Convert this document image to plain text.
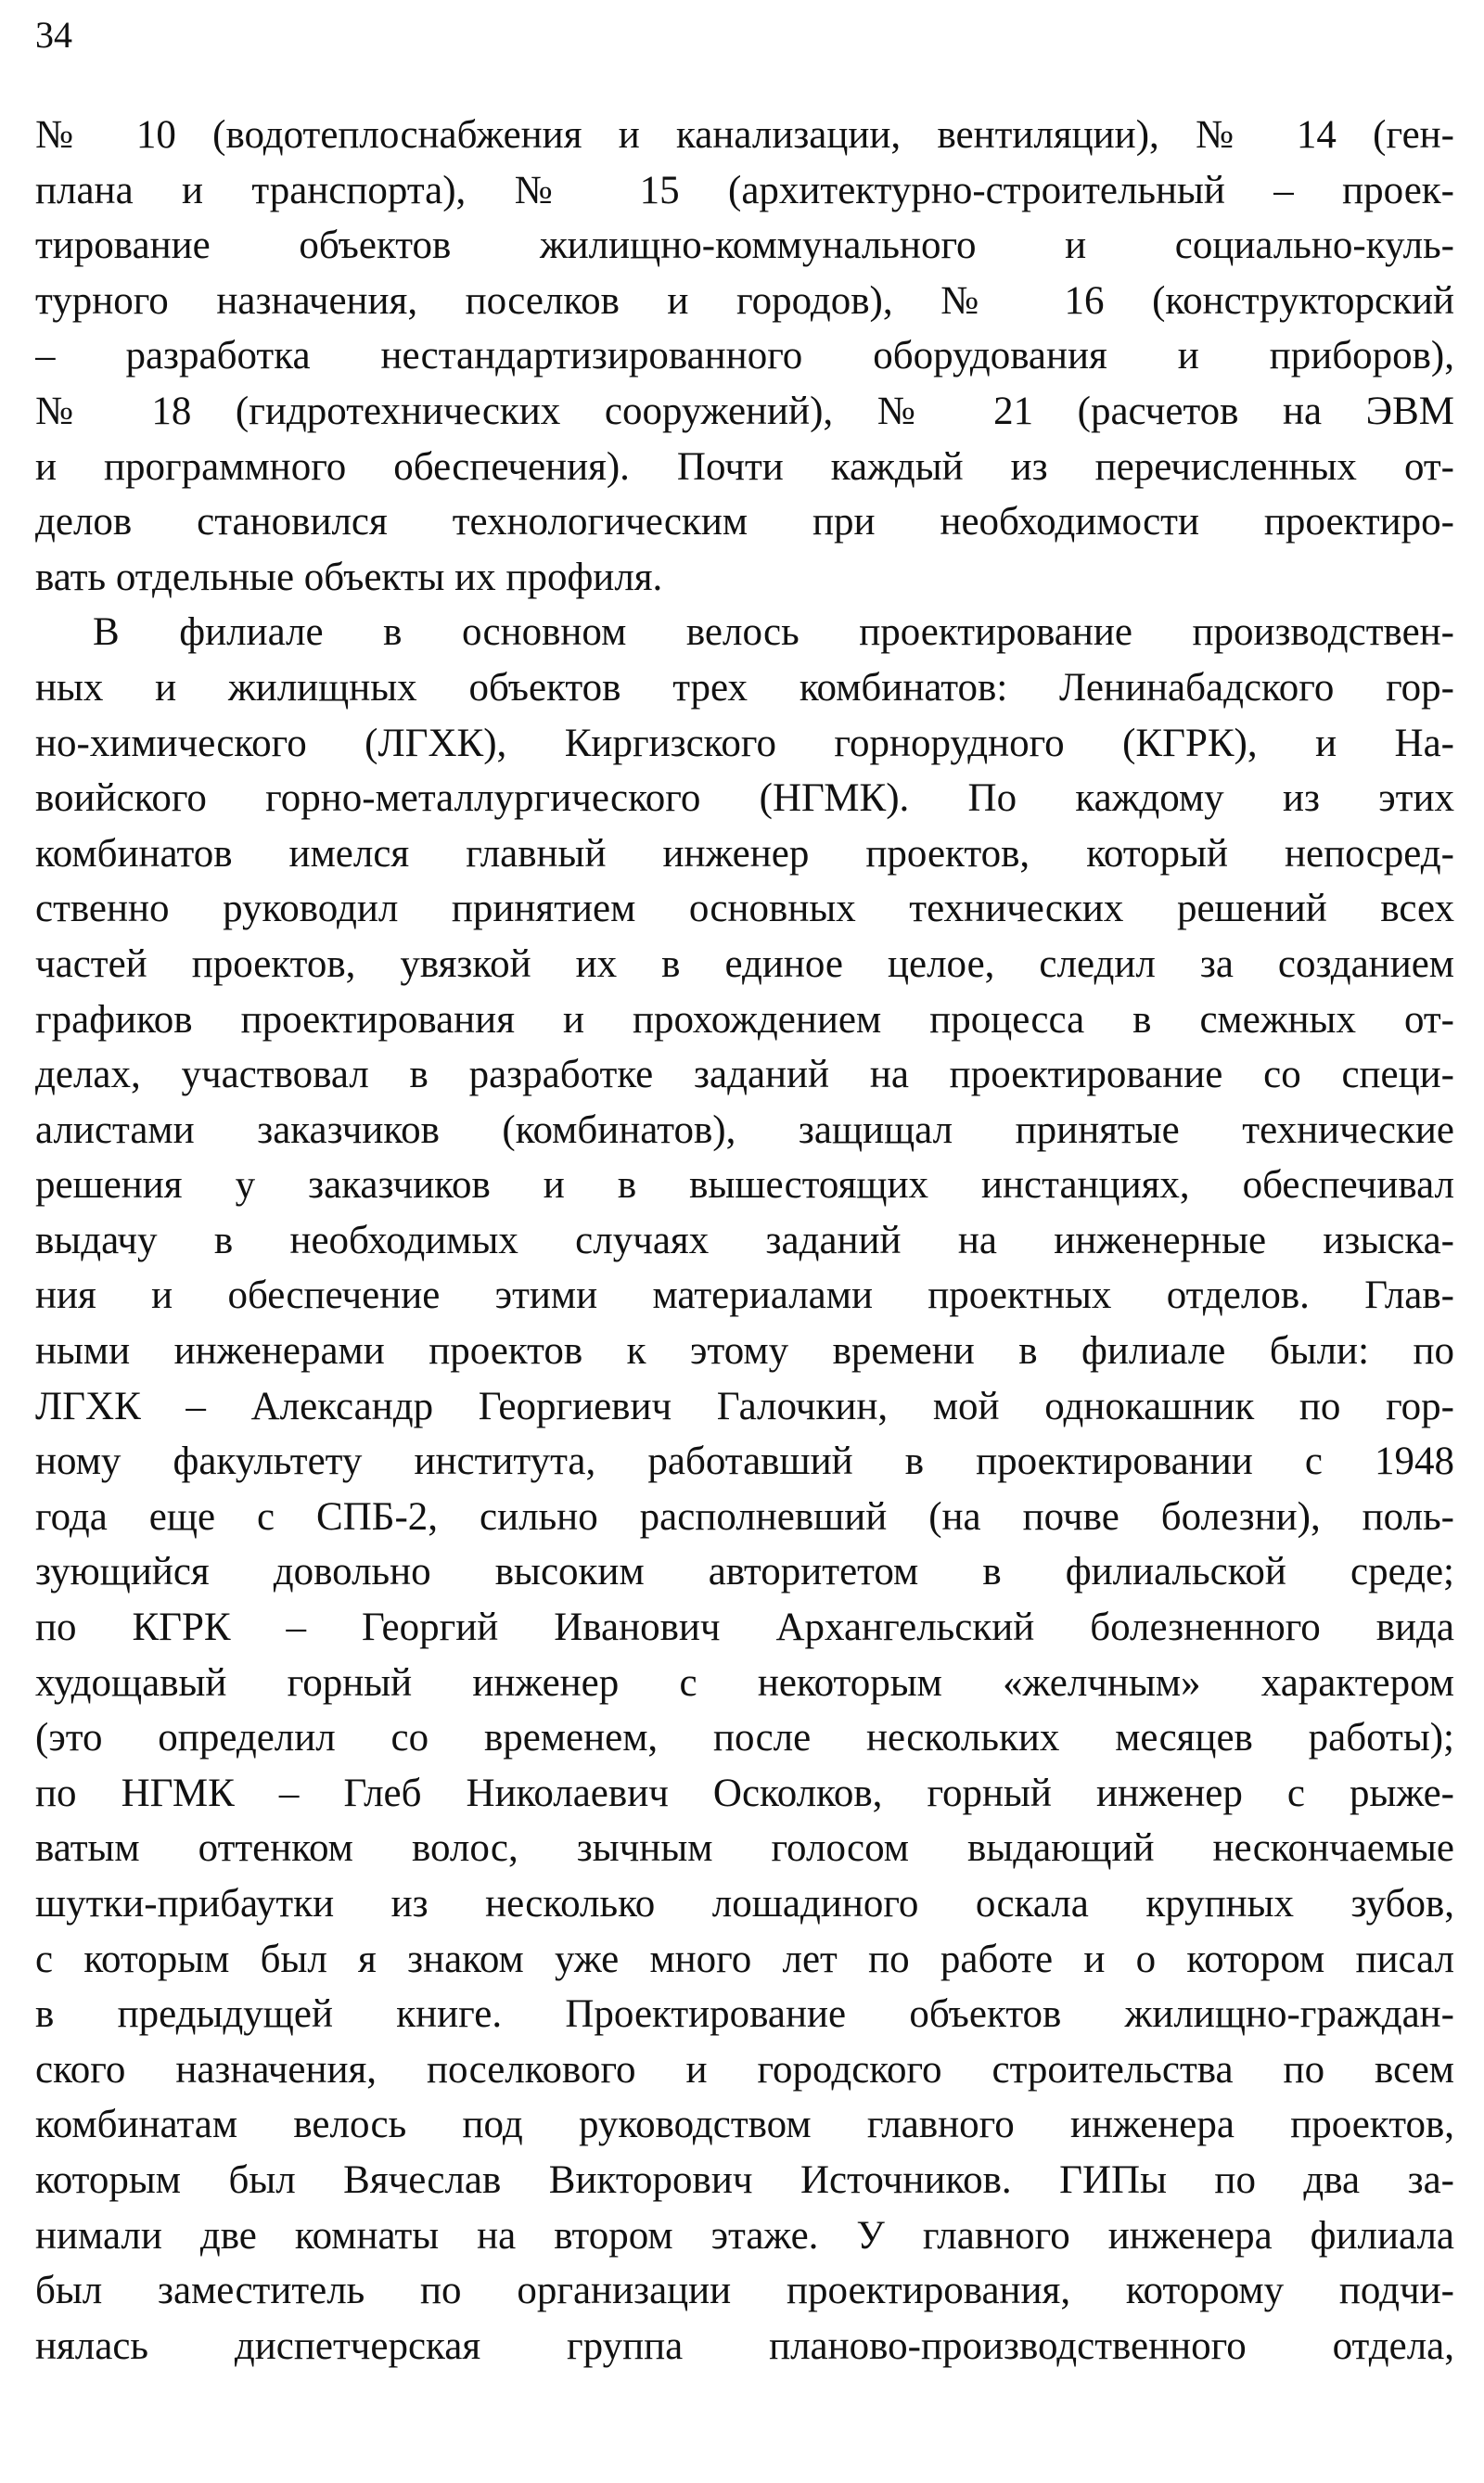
34
№ 10 (водотеплоснабжения и канализации, вентиляции), № 14 (ген-
плана и транспорта), № 15 (архитектурно-строительный – проек-
тирование объектов жилищно-коммунального и социально-куль-
турного назначения, поселков и городов), № 16 (конструкторский
– разработка нестандартизированного оборудования и приборов),
№ 18 (гидротехнических сооружений), № 21 (расчетов на ЭВМ
и программного обеспечения). Почти каждый из перечисленных от-
делов становился технологическим при необходимости проектиро-
вать отдельные объекты их профиля.
В филиале в основном велось проектирование производствен-
ных и жилищных объектов трех комбинатов: Ленинабадского гор-
но-химического (ЛГХК), Киргизского горнорудного (КГРК), и На-
воийского горно-металлургического (НГМК). По каждому из этих
комбинатов имелся главный инженер проектов, который непосред-
ственно руководил принятием основных технических решений всех
частей проектов, увязкой их в единое целое, следил за созданием
графиков проектирования и прохождением процесса в смежных от-
делах, участвовал в разработке заданий на проектирование со специ-
алистами заказчиков (комбинатов), защищал принятые технические
решения у заказчиков и в вышестоящих инстанциях, обеспечивал
выдачу в необходимых случаях заданий на инженерные изыска-
ния и обеспечение этими материалами проектных отделов. Глав-
ными инженерами проектов к этому времени в филиале были: по
ЛГХК – Александр Георгиевич Галочкин, мой однокашник по гор-
ному факультету института, работавший в проектировании с 1948
года еще с СПБ-2, сильно располневший (на почве болезни), поль-
зующийся довольно высоким авторитетом в филиальской среде;
по КГРК – Георгий Иванович Архангельский болезненного вида
худощавый горный инженер с некоторым «желчным» характером
(это определил со временем, после нескольких месяцев работы);
по НГМК – Глеб Николаевич Осколков, горный инженер с рыже-
ватым оттенком волос, зычным голосом выдающий нескончаемые
шутки-прибаутки из несколько лошадиного оскала крупных зубов,
с которым был я знаком уже много лет по работе и о котором писал
в предыдущей книге. Проектирование объектов жилищно-граждан-
ского назначения, поселкового и городского строительства по всем
комбинатам велось под руководством главного инженера проектов,
которым был Вячеслав Викторович Источников. ГИПы по два за-
нимали две комнаты на втором этаже. У главного инженера филиала
был заместитель по организации проектирования, которому подчи-
нялась диспетчерская группа планово-производственного отдела,
